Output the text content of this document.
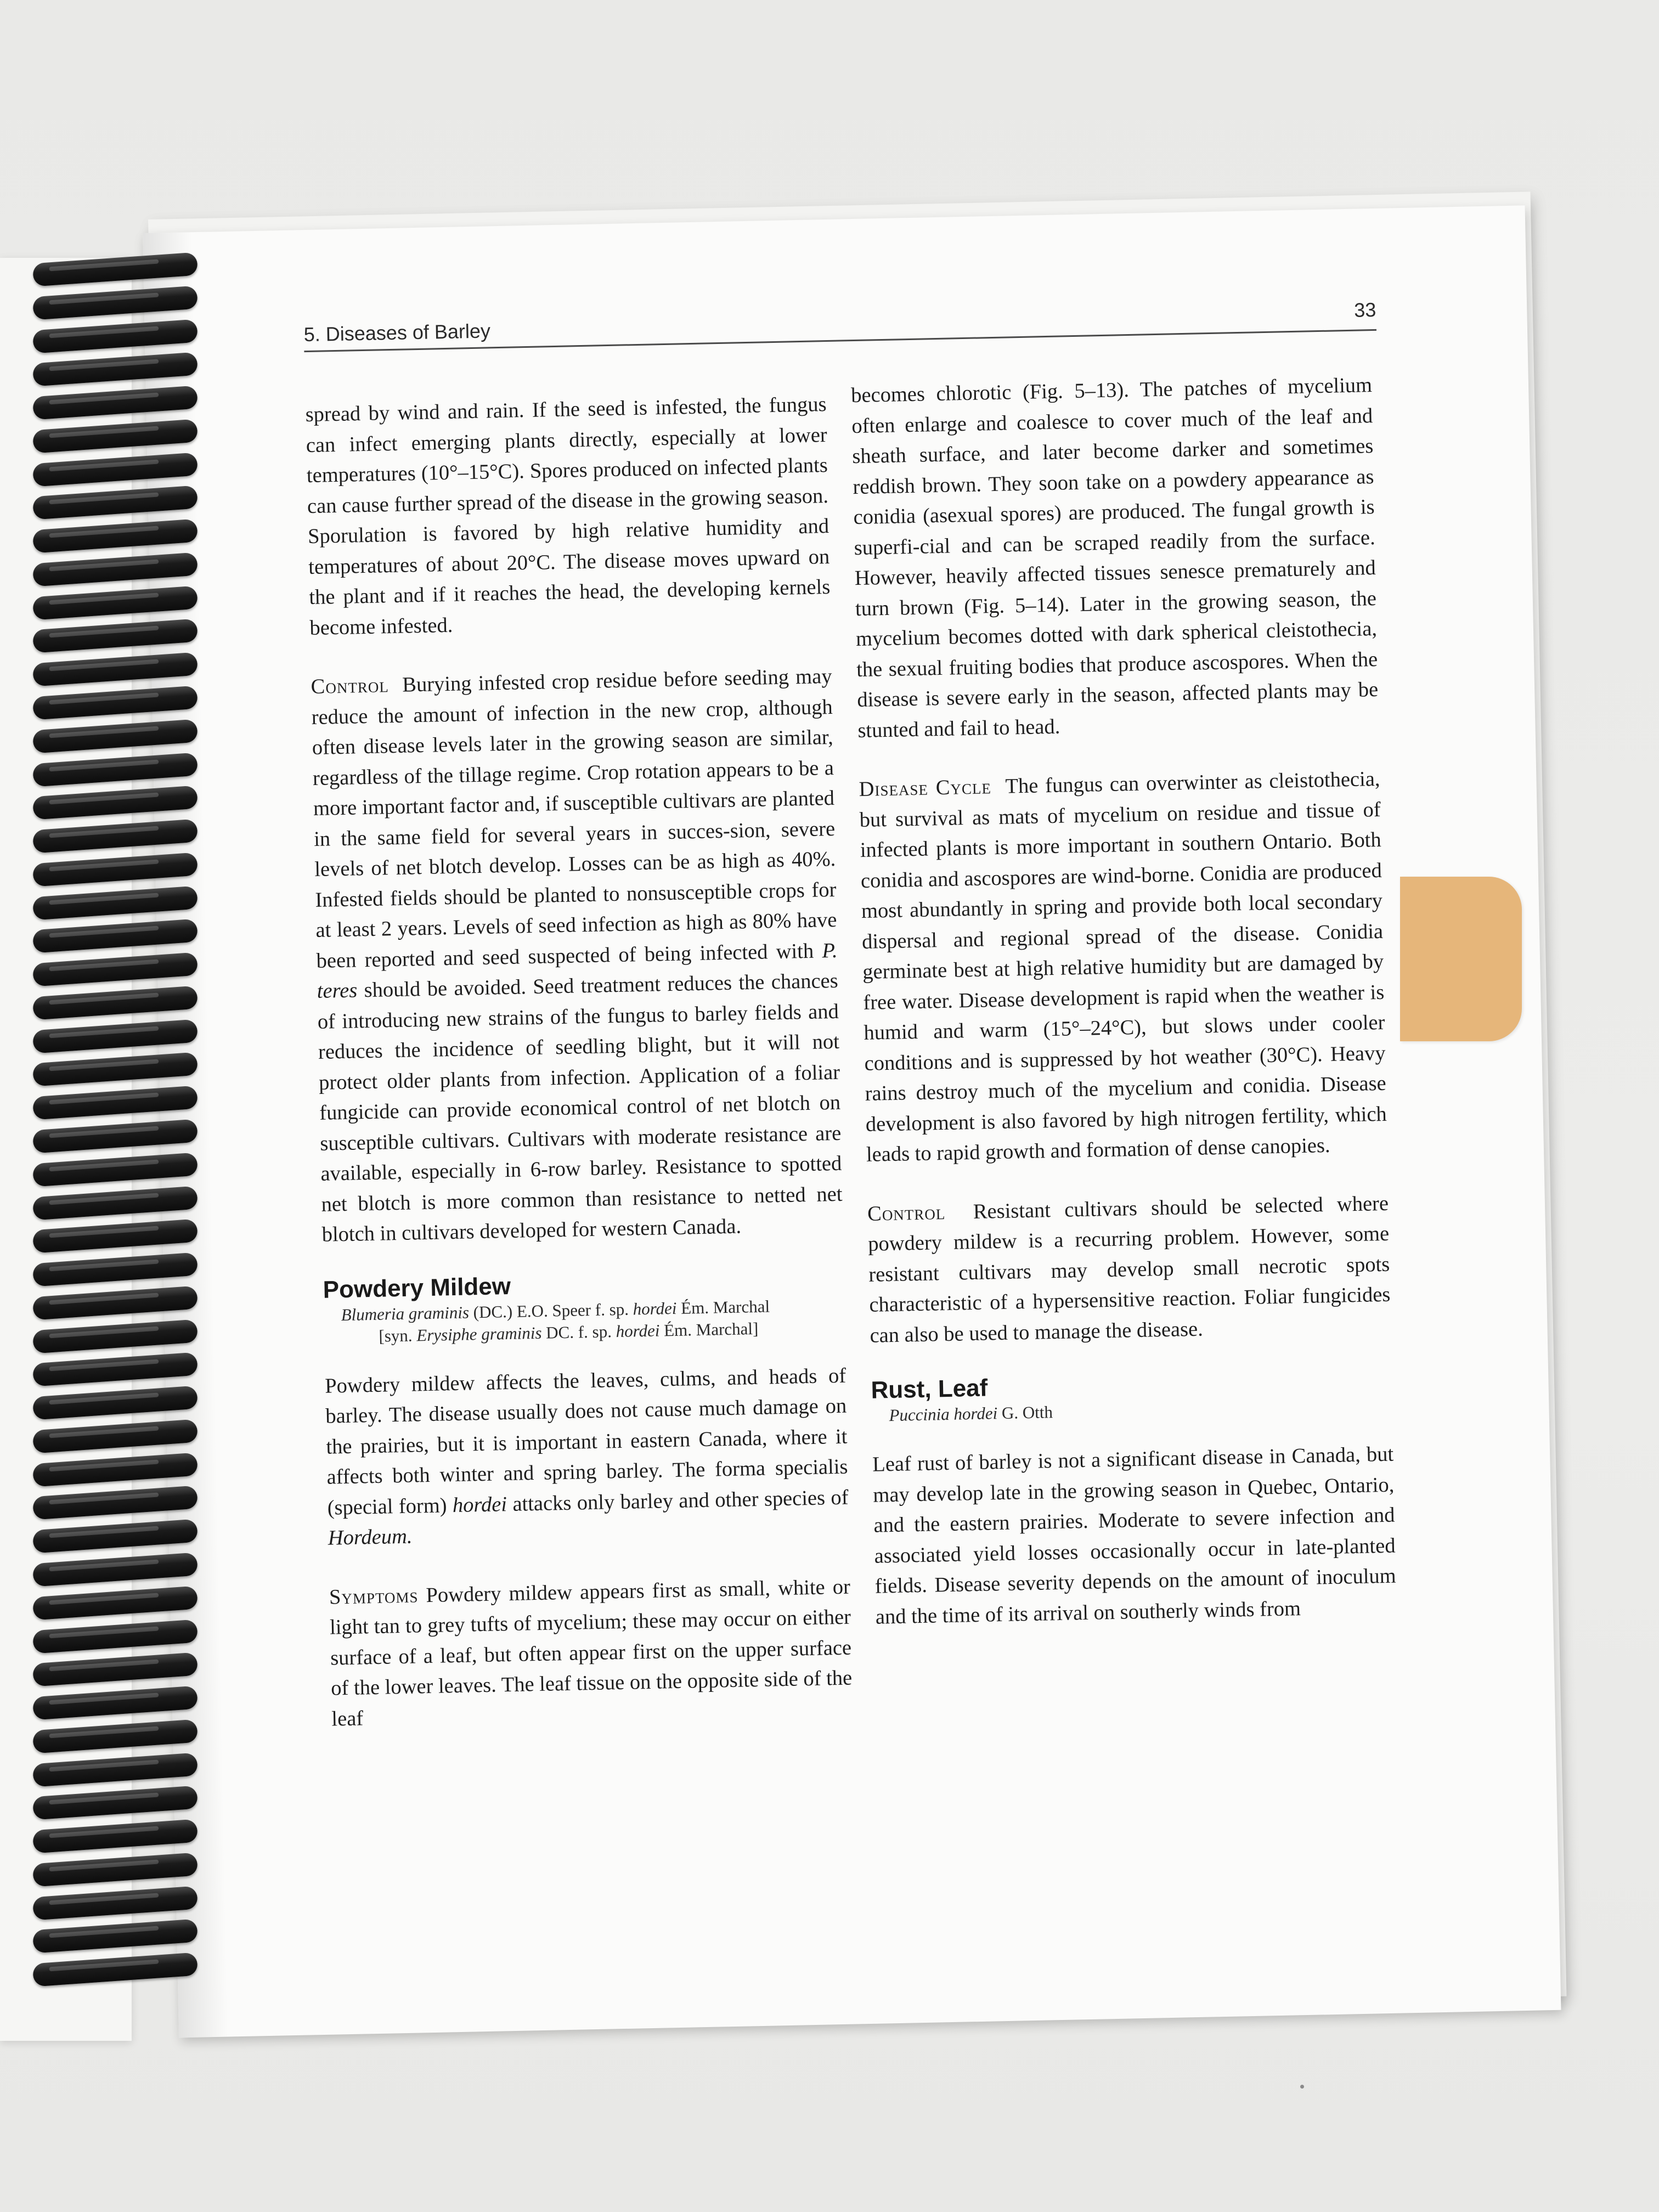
5. Diseases of Barley
33

spread by wind and rain. If the seed is infested, the fungus can infect emerging plants directly, especially at lower temperatures (10°–15°C). Spores produced on infected plants can cause further spread of the disease in the growing season. Sporulation is favored by high relative humidity and temperatures of about 20°C. The disease moves upward on the plant and if it reaches the head, the developing kernels become infested.

Control Burying infested crop residue before seeding may reduce the amount of infection in the new crop, although often disease levels later in the growing season are similar, regardless of the tillage regime. Crop rotation appears to be a more important factor and, if susceptible cultivars are planted in the same field for several years in succes-sion, severe levels of net blotch develop. Losses can be as high as 40%. Infested fields should be planted to nonsusceptible crops for at least 2 years. Levels of seed infection as high as 80% have been reported and seed suspected of being infected with P. teres should be avoided. Seed treatment reduces the chances of introducing new strains of the fungus to barley fields and reduces the incidence of seedling blight, but it will not protect older plants from infection. Application of a foliar fungicide can provide economical control of net blotch on susceptible cultivars. Cultivars with moderate resistance are available, especially in 6-row barley. Resistance to spotted net blotch is more common than resistance to netted net blotch in cultivars developed for western Canada.

Powdery Mildew

Blumeria graminis (DC.) E.O. Speer f. sp. hordei Ém. Marchal

[syn. Erysiphe graminis DC. f. sp. hordei Ém. Marchal]

Powdery mildew affects the leaves, culms, and heads of barley. The disease usually does not cause much damage on the prairies, but it is important in eastern Canada, where it affects both winter and spring barley. The forma specialis (special form) hordei attacks only barley and other species of Hordeum.

Symptoms Powdery mildew appears first as small, white or light tan to grey tufts of mycelium; these may occur on either surface of a leaf, but often appear first on the upper surface of the lower leaves. The leaf tissue on the opposite side of the leaf

becomes chlorotic (Fig. 5–13). The patches of mycelium often enlarge and coalesce to cover much of the leaf and sheath surface, and later become darker and sometimes reddish brown. They soon take on a powdery appearance as conidia (asexual spores) are produced. The fungal growth is superfi-cial and can be scraped readily from the surface. However, heavily affected tissues senesce prematurely and turn brown (Fig. 5–14). Later in the growing season, the mycelium becomes dotted with dark spherical cleistothecia, the sexual fruiting bodies that produce ascospores. When the disease is severe early in the season, affected plants may be stunted and fail to head.

Disease Cycle The fungus can overwinter as cleistothecia, but survival as mats of mycelium on residue and tissue of infected plants is more important in southern Ontario. Both conidia and ascospores are wind-borne. Conidia are produced most abundantly in spring and provide both local secondary dispersal and regional spread of the disease. Conidia germinate best at high relative humidity but are damaged by free water. Disease development is rapid when the weather is humid and warm (15°–24°C), but slows under cooler conditions and is suppressed by hot weather (30°C). Heavy rains destroy much of the mycelium and conidia. Disease development is also favored by high nitrogen fertility, which leads to rapid growth and formation of dense canopies.

Control Resistant cultivars should be selected where powdery mildew is a recurring problem. However, some resistant cultivars may develop small necrotic spots characteristic of a hypersensitive reaction. Foliar fungicides can also be used to manage the disease.

Rust, Leaf

Puccinia hordei G. Otth

Leaf rust of barley is not a significant disease in Canada, but may develop late in the growing season in Quebec, Ontario, and the eastern prairies. Moderate to severe infection and associated yield losses occasionally occur in late-planted fields. Disease severity depends on the amount of inoculum and the time of its arrival on southerly winds from
